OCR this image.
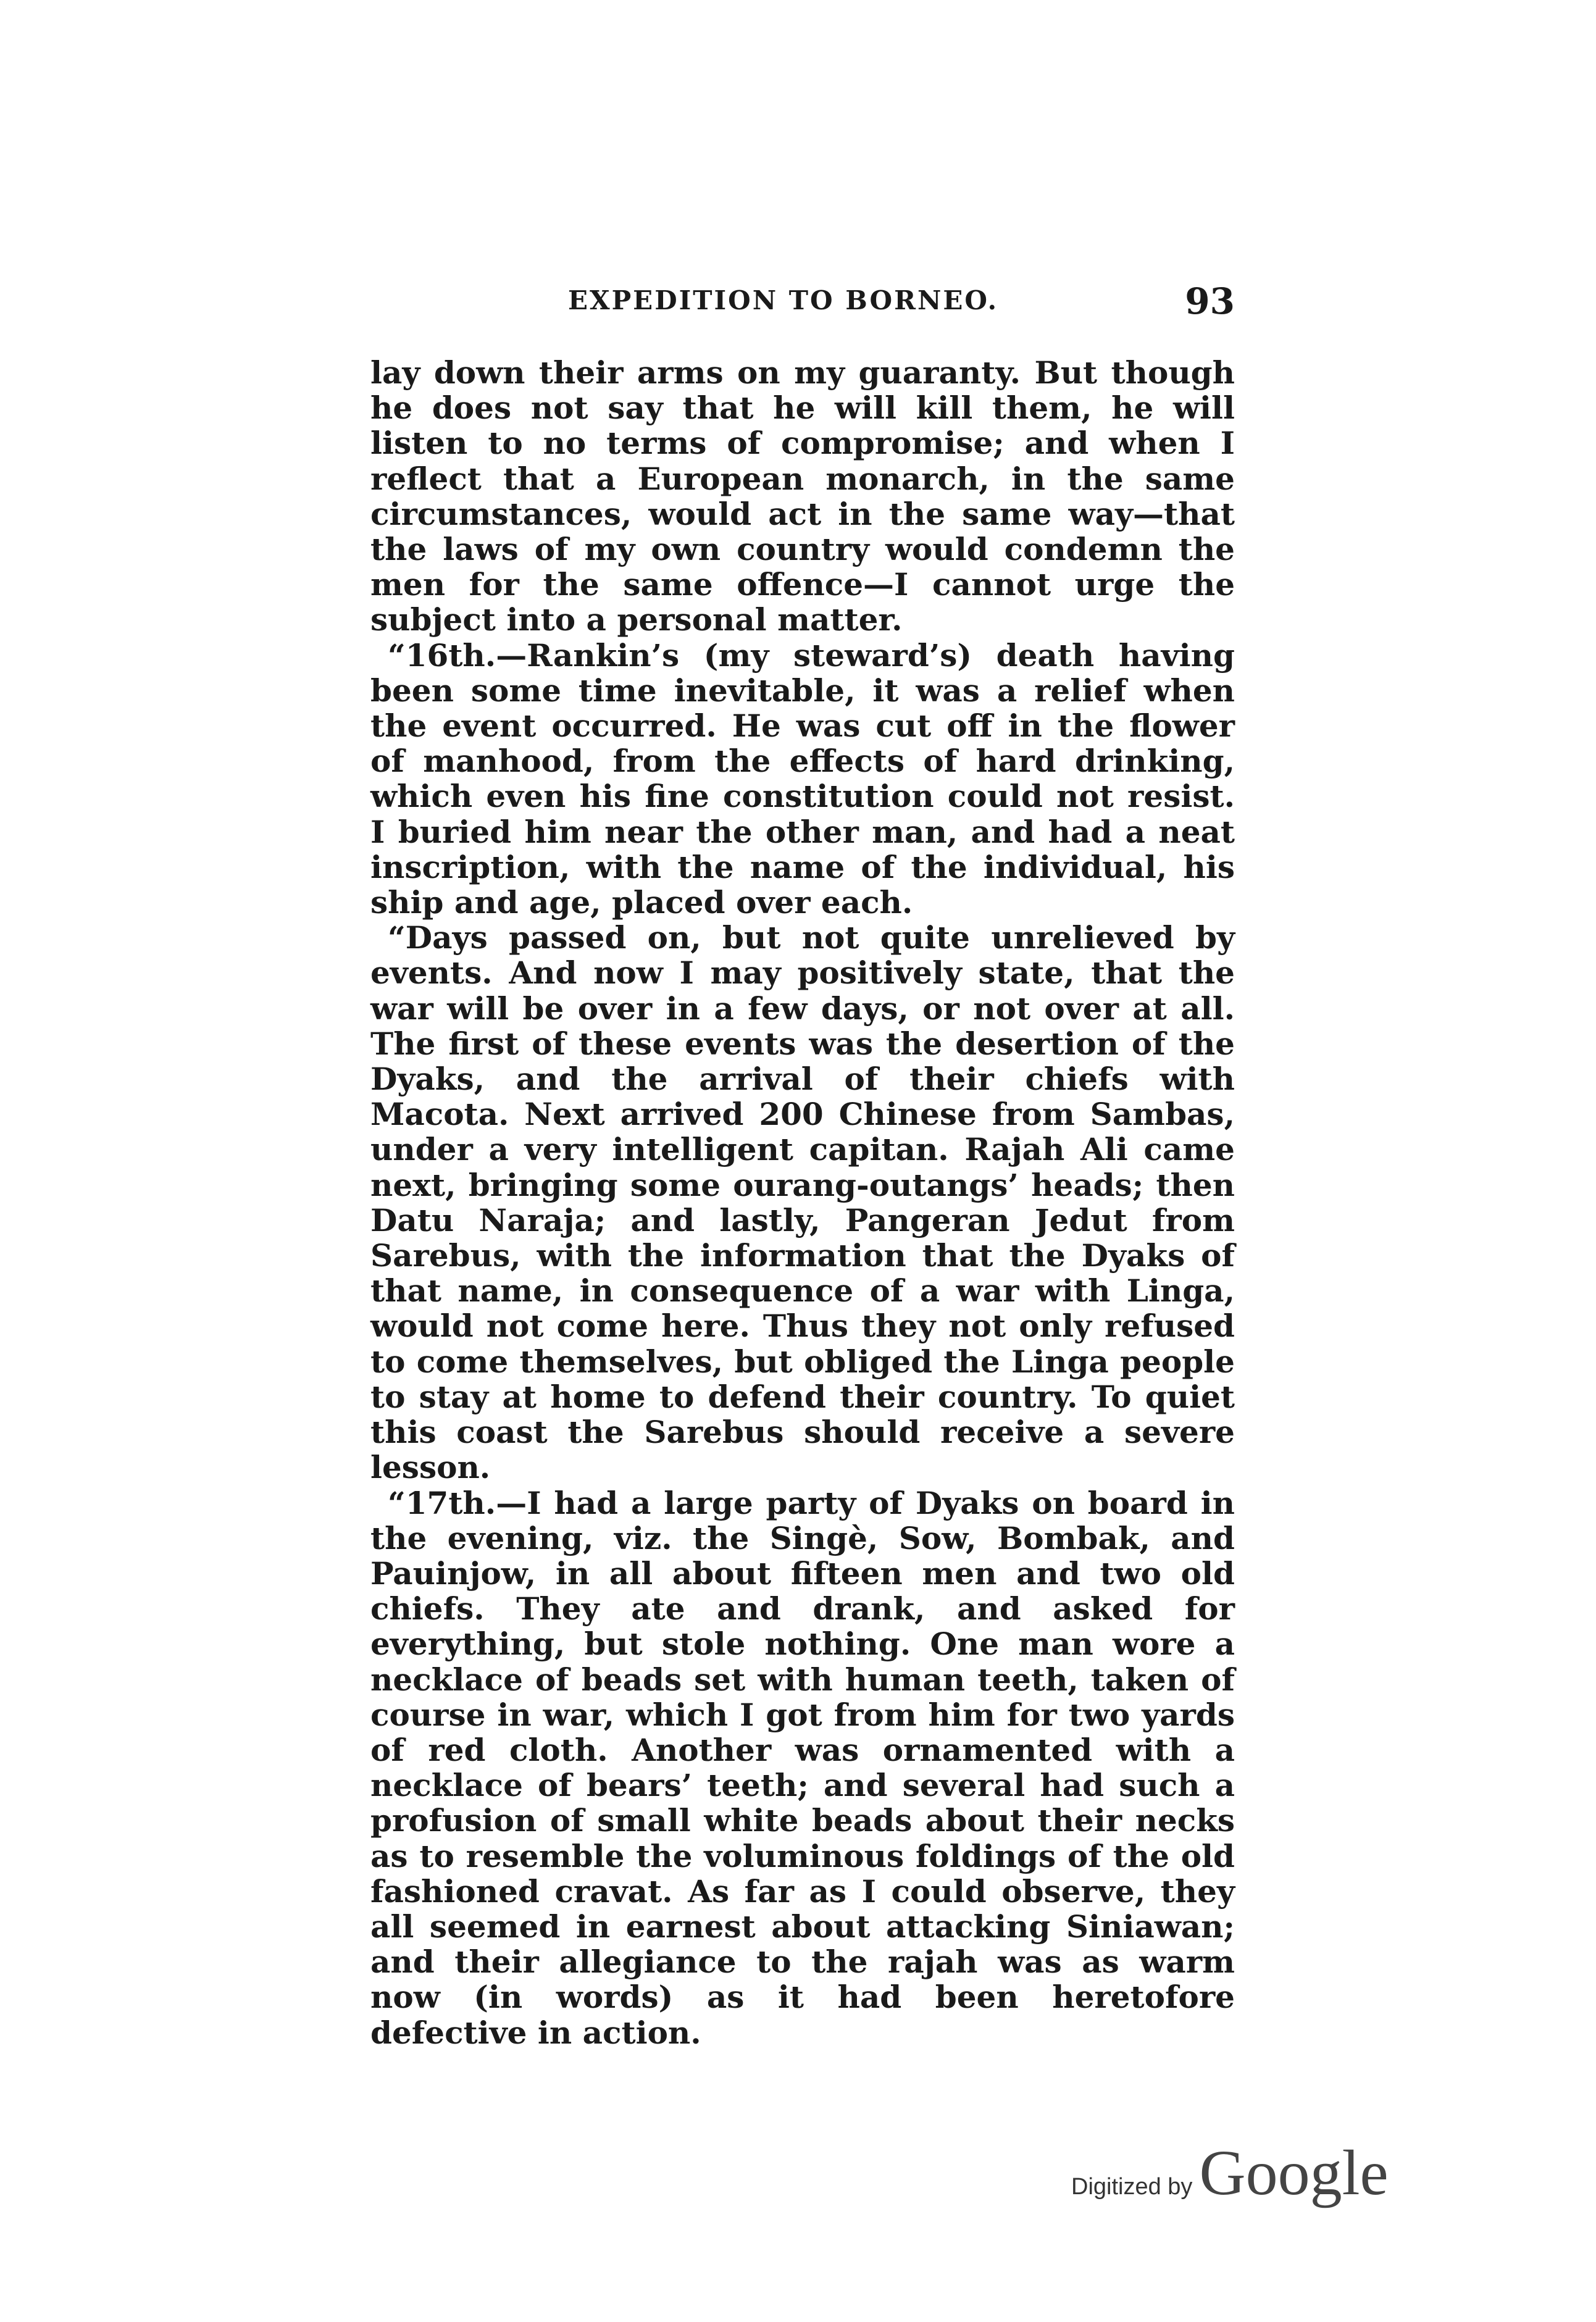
EXPEDITION TO BORNEO.	93

lay down their arms on my guaranty. But though he does not say that he will kill them, he will listen to no terms of compromise; and when I reflect that a European monarch, in the same circumstances, would act in the same way—that the laws of my own country would condemn the men for the same offence—I cannot urge the subject into a personal matter.

“16th.—Rankin’s (my steward’s) death having been some time inevitable, it was a relief when the event occurred. He was cut off in the flower of manhood, from the effects of hard drinking, which even his fine constitution could not resist. I buried him near the other man, and had a neat inscription, with the name of the individual, his ship and age, placed over each.

“Days passed on, but not quite unrelieved by events. And now I may positively state, that the war will be over in a few days, or not over at all. The first of these events was the desertion of the Dyaks, and the arrival of their chiefs with Macota. Next arrived 200 Chinese from Sambas, under a very intelligent capitan. Rajah Ali came next, bringing some ourang-outangs’ heads; then Datu Naraja; and lastly, Pangeran Jedut from Sarebus, with the information that the Dyaks of that name, in consequence of a war with Linga, would not come here. Thus they not only refused to come themselves, but obliged the Linga people to stay at home to defend their country. To quiet this coast the Sarebus should receive a severe lesson.

“17th.—I had a large party of Dyaks on board in the evening, viz. the Singè, Sow, Bombak, and Pauinjow, in all about fifteen men and two old chiefs. They ate and drank, and asked for everything, but stole nothing. One man wore a necklace of beads set with human teeth, taken of course in war, which I got from him for two yards of red cloth. Another was ornamented with a necklace of bears’ teeth; and several had such a profusion of small white beads about their necks as to resemble the voluminous foldings of the old fashioned cravat. As far as I could observe, they all seemed in earnest about attacking Siniawan; and their allegiance to the rajah was as warm now (in words) as it had been heretofore defective in action.

Digitized by Google
